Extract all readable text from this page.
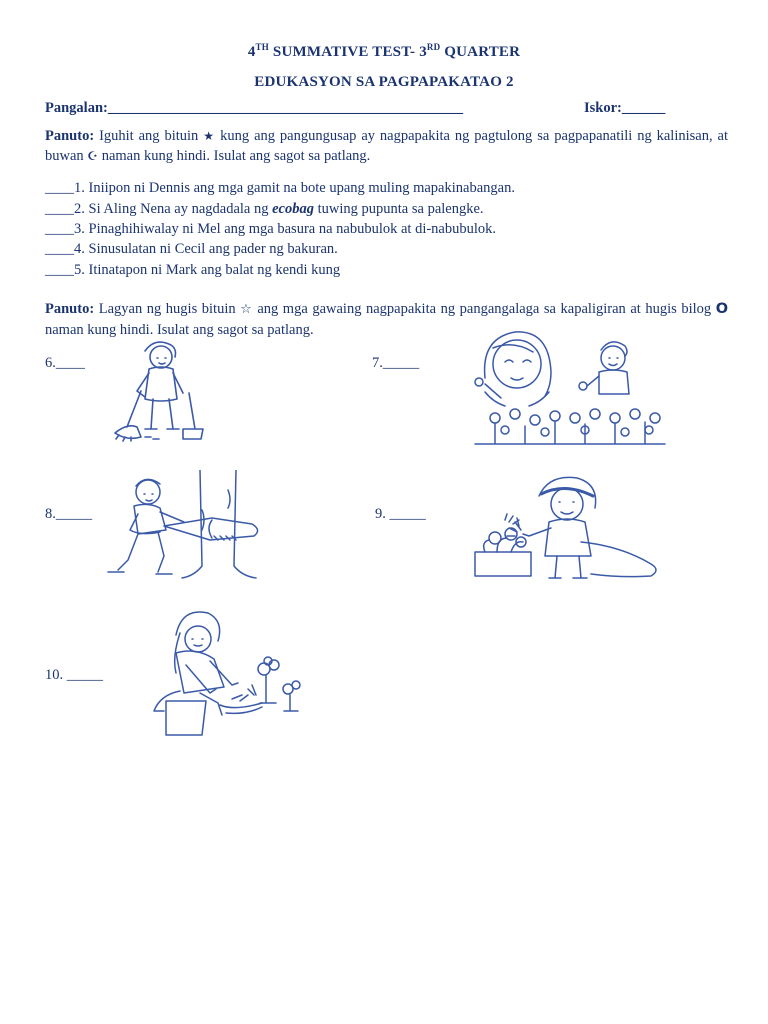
4TH SUMMATIVE TEST- 3RD QUARTER
EDUKASYON SA PAGPAPAKATAO 2
Pangalan:_________________________________________________	Iskor:______
Panuto: Iguhit ang bituin ★ kung ang pangungusap ay nagpapakita ng pagtulong sa pagpapanatili ng kalinisan, at buwan ☪ naman kung hindi. Isulat ang sagot sa patlang.
____1. Iniipon ni Dennis ang mga gamit na bote upang muling mapakinabangan.
____2. Si Aling Nena ay nagdadala ng ecobag tuwing pupunta sa palengke.
____3. Pinaghihiwalay ni Mel ang mga basura na nabubulok at di-nabubulok.
____4. Sinusulatan ni Cecil ang pader ng bakuran.
____5. Itinatapon ni Mark ang balat ng kendi kung
Panuto: Lagyan ng hugis bituin ☆ ang mga gawaing nagpapakita ng pangangalaga sa kapaligiran at hugis bilog O naman kung hindi. Isulat ang sagot sa patlang.
6.____	7._____
8._____	9. _____
10. _____
